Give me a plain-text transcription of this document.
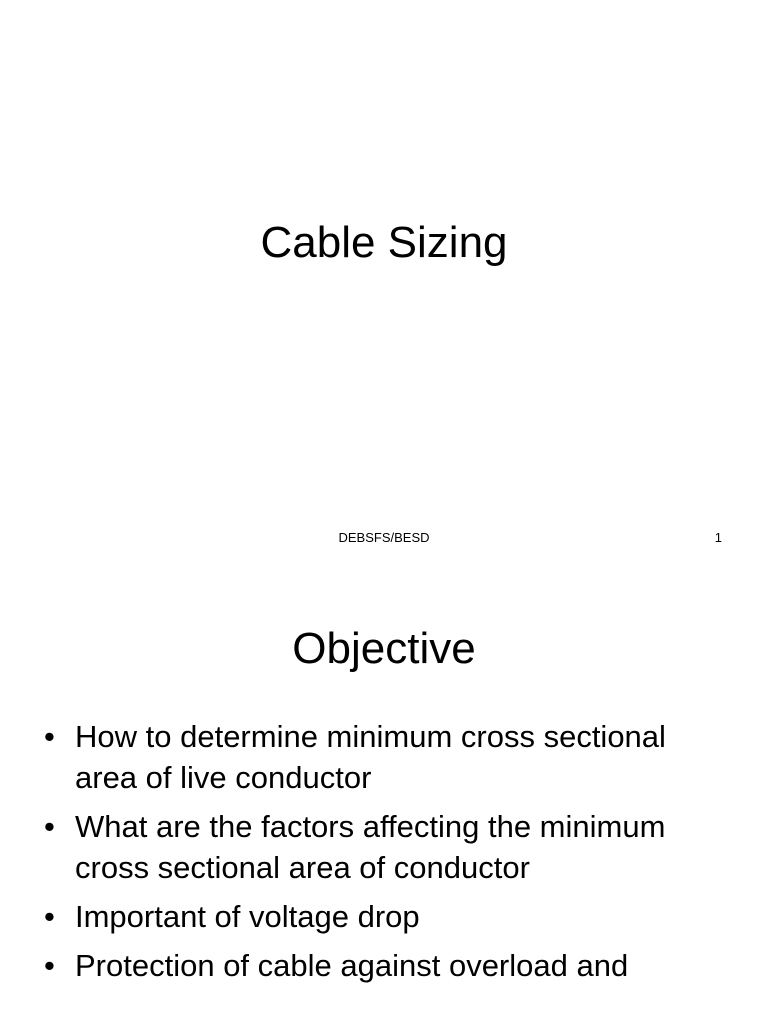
Cable Sizing
DEBSFS/BESD	1
Objective
• How to determine minimum cross sectional area of live conductor
• What are the factors affecting the minimum cross sectional area of conductor
• Important of voltage drop
• Protection of cable against overload and
